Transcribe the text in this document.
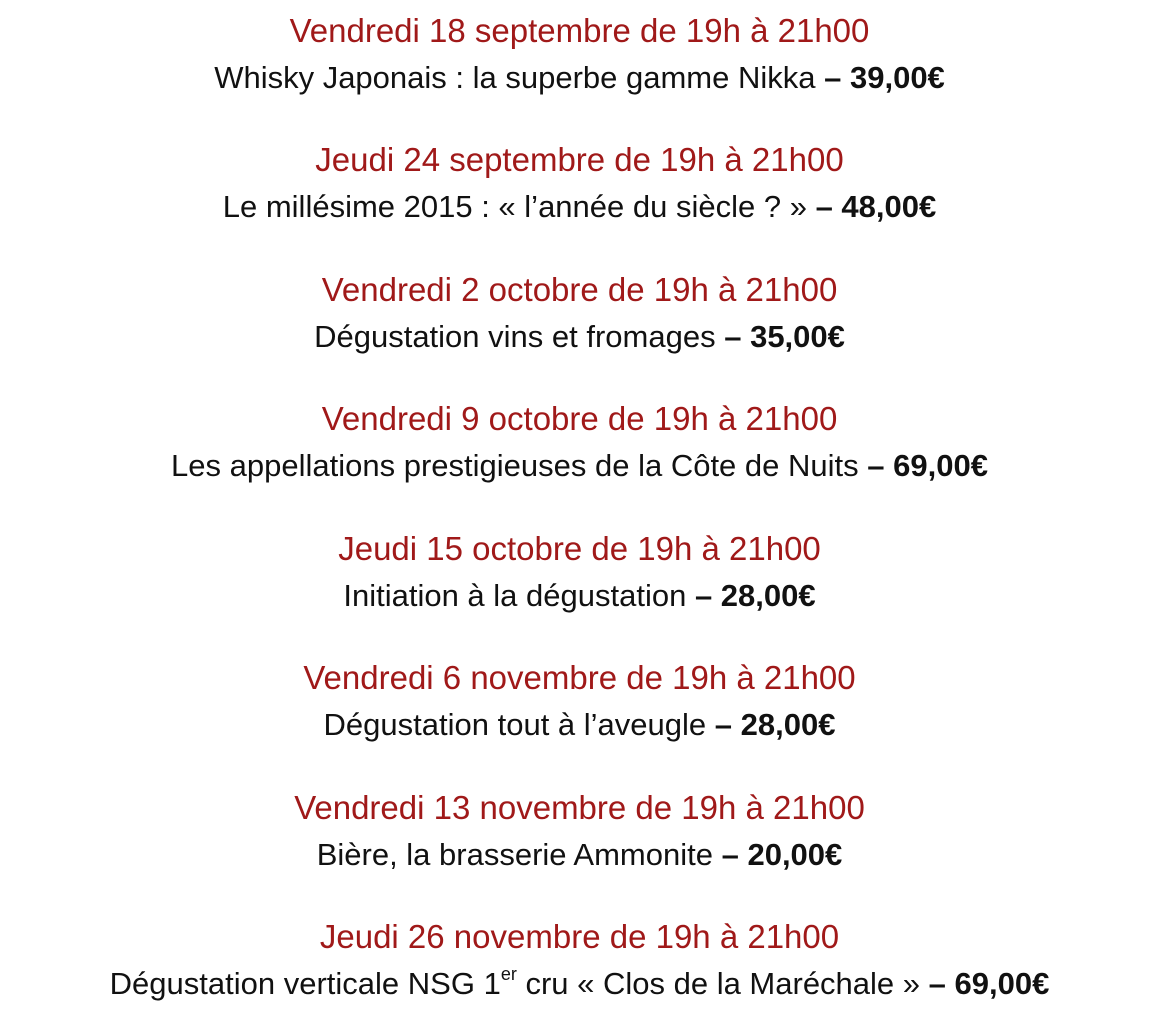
Vendredi 18 septembre de 19h à 21h00
Whisky Japonais : la superbe gamme Nikka – 39,00€
Jeudi 24 septembre de 19h à 21h00
Le millésime 2015 : « l’année du siècle ? » – 48,00€
Vendredi 2 octobre de 19h à 21h00
Dégustation vins et fromages – 35,00€
Vendredi 9 octobre de 19h à 21h00
Les appellations prestigieuses de la Côte de Nuits – 69,00€
Jeudi 15 octobre de 19h à 21h00
Initiation à la dégustation – 28,00€
Vendredi 6 novembre de 19h à 21h00
Dégustation tout à l’aveugle – 28,00€
Vendredi 13 novembre de 19h à 21h00
Bière, la brasserie Ammonite – 20,00€
Jeudi 26 novembre de 19h à 21h00
Dégustation verticale NSG 1er cru « Clos de la Maréchale » – 69,00€
